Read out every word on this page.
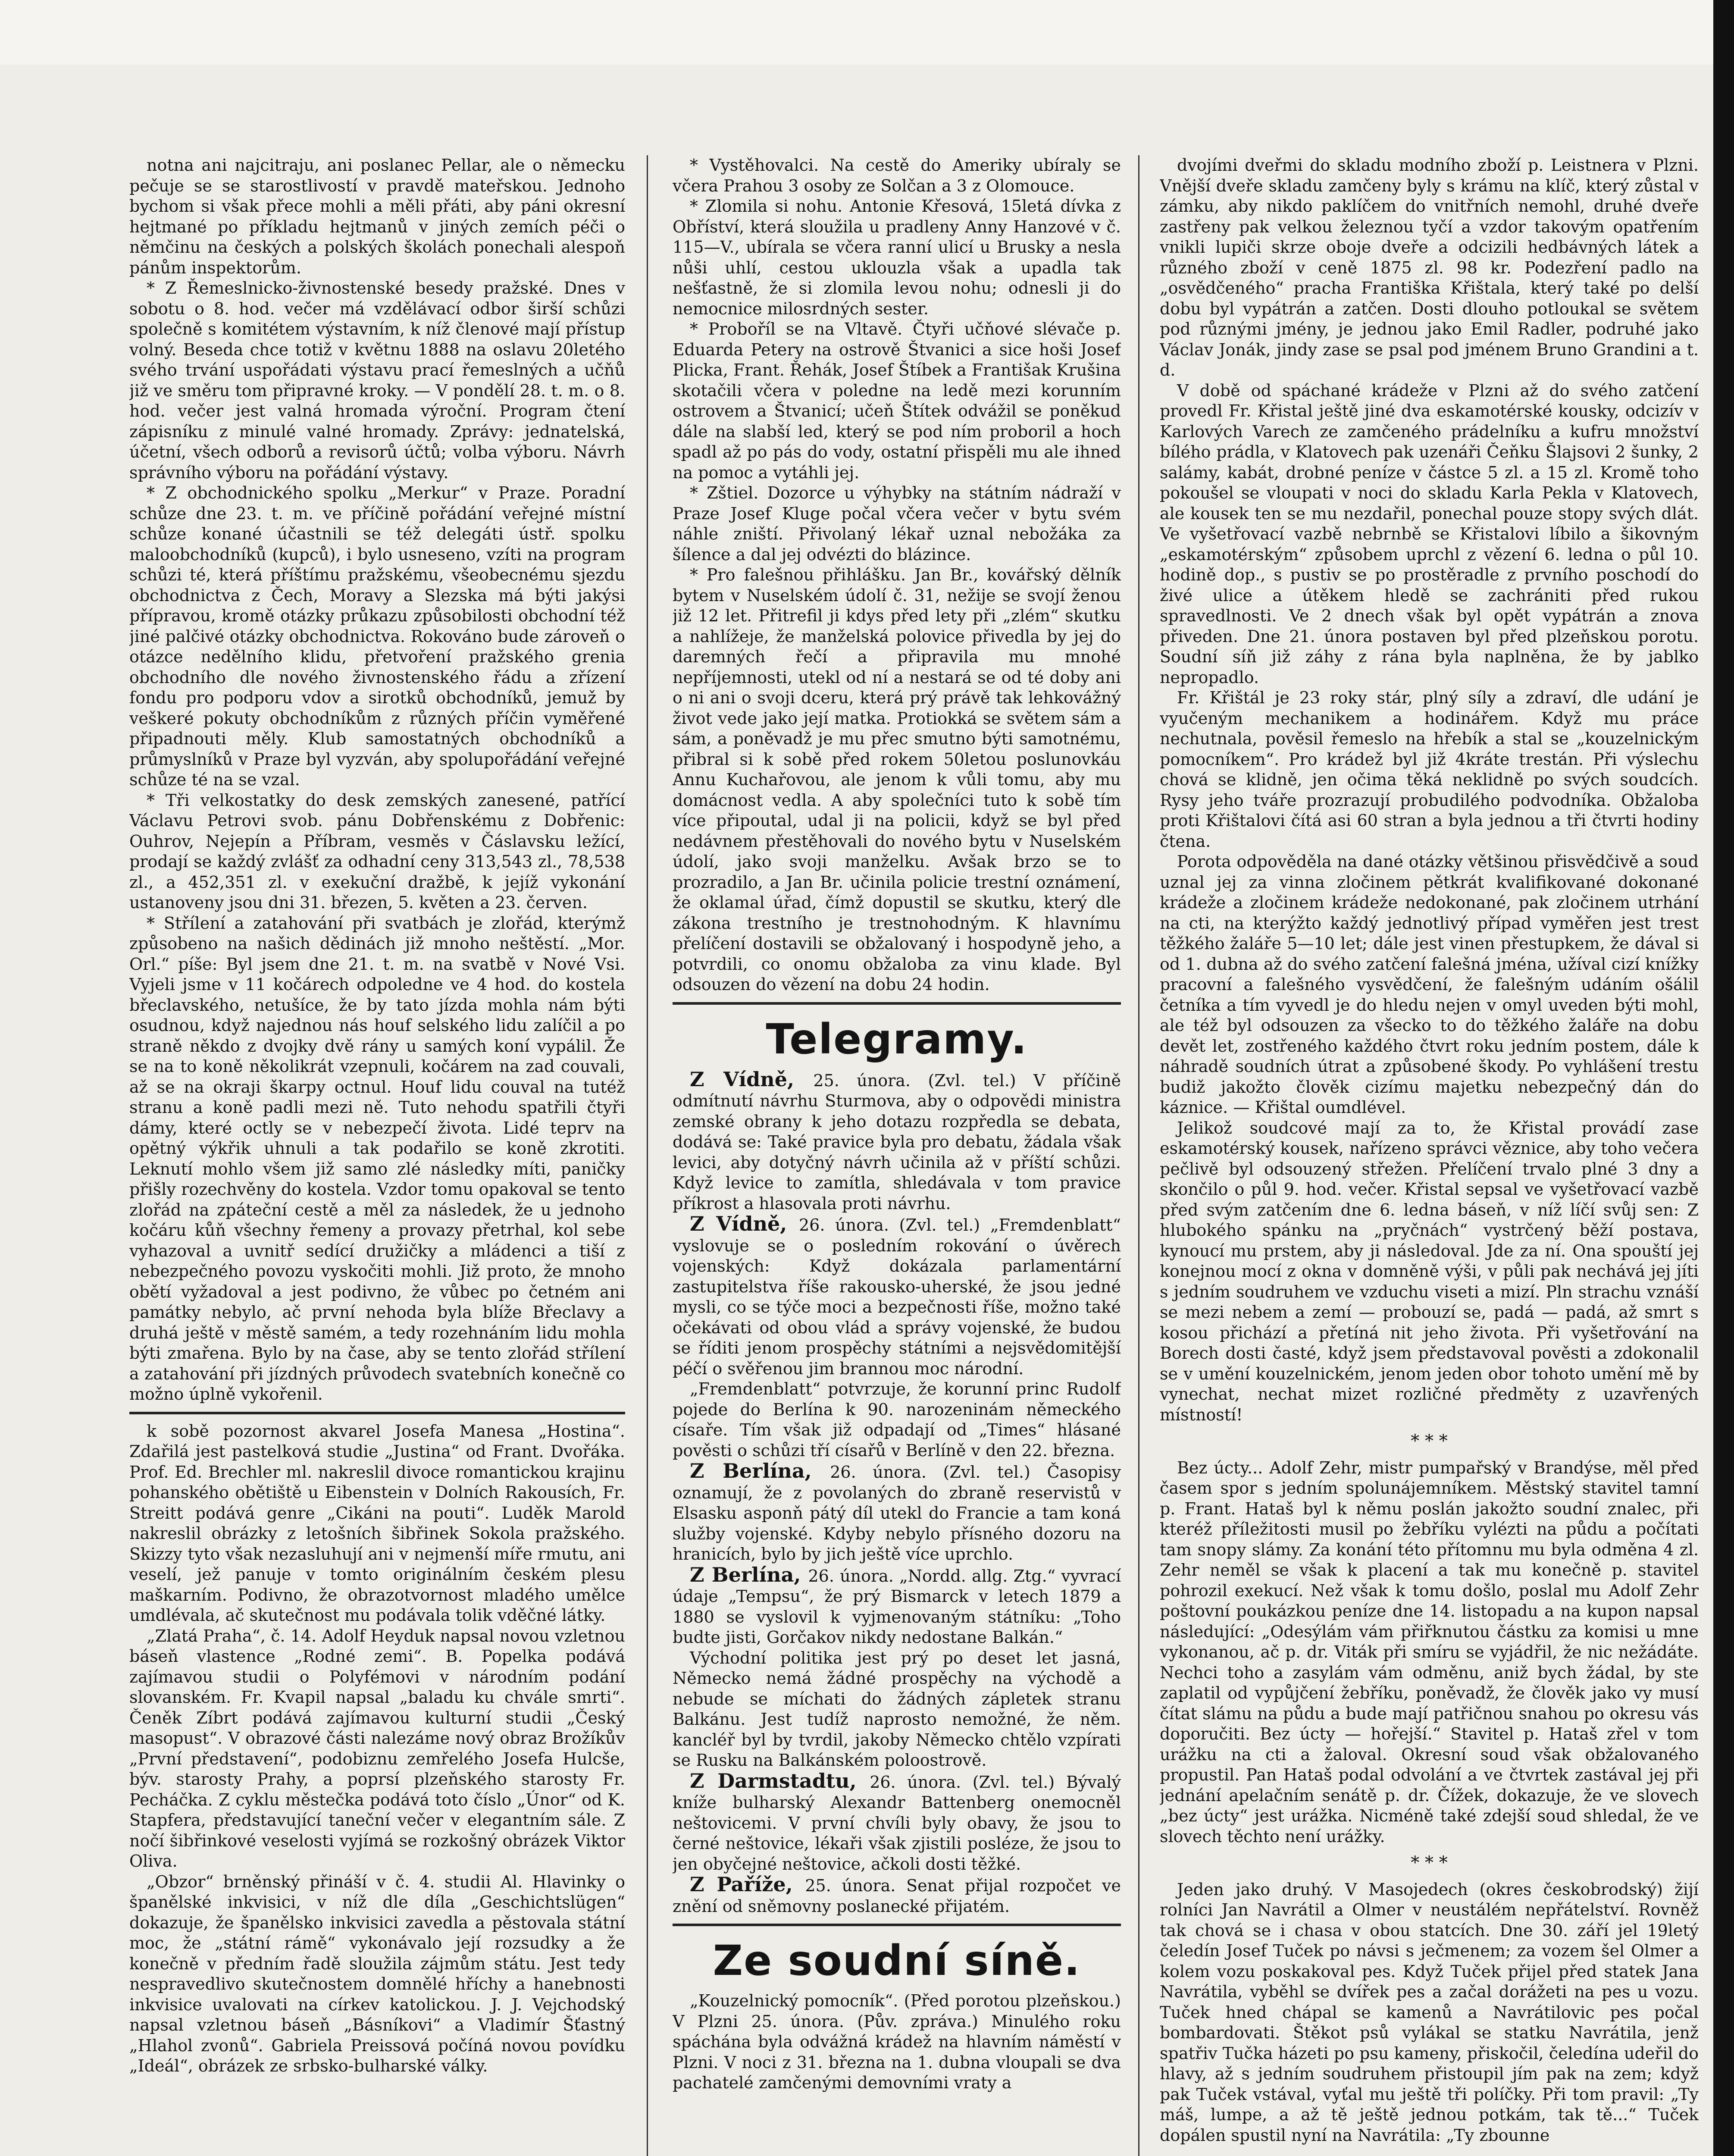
notna ani najcitraju, ani poslanec Pellar, ale o německu pečuje se se starostlivostí v pravdě mateřskou. Jednoho bychom si však přece mohli a měli přáti, aby páni okresní hejtmané po příkladu hejtmanů v jiných zemích péči o němčinu na českých a polských školách ponechali alespoň pánům inspektorům.

* Z Řemeslnicko-živnostenské besedy pražské. Dnes v sobotu o 8. hod. večer má vzdělávací odbor širší schůzi společně s komitétem výstavním, k níž členové mají přístup volný. Beseda chce totiž v květnu 1888 na oslavu 20letého svého trvání uspořádati výstavu prací řemeslných a učňů již ve směru tom připravné kroky. — V pondělí 28. t. m. o 8. hod. večer jest valná hromada výroční. Program čtení zápisníku z minulé valné hromady. Zprávy: jednatelská, účetní, všech odborů a revisorů účtů; volba výboru. Návrh správního výboru na pořádání výstavy.

* Z obchodnického spolku „Merkur“ v Praze. Poradní schůze dne 23. t. m. ve příčině pořádání veřejné místní schůze konané účastnili se též delegáti ústř. spolku maloobchodníků (kupců), i bylo usneseno, vzíti na program schůzi té, která příštímu pražskému, všeobecnému sjezdu obchodnictva z Čech, Moravy a Slezska má býti jakýsi přípravou, kromě otázky průkazu způsobilosti obchodní též jiné palčivé otázky obchodnictva. Rokováno bude zároveň o otázce nedělního klidu, přetvoření pražského grenia obchodního dle nového živnostenského řádu a zřízení fondu pro podporu vdov a sirotků obchodníků, jemuž by veškeré pokuty obchodníkům z různých příčin vyměřené připadnouti měly. Klub samostatných obchodníků a průmyslníků v Praze byl vyzván, aby spolupořádání veřejné schůze té na se vzal.

* Tři velkostatky do desk zemských zanesené, patřící Václavu Petrovi svob. pánu Dobřenskému z Dobřenic: Ouhrov, Nejepín a Příbram, vesměs v Čáslavsku ležící, prodají se každý zvlášť za odhadní ceny 313,543 zl., 78,538 zl., a 452,351 zl. v exekuční dražbě, k jejíž vykonání ustanoveny jsou dni 31. březen, 5. květen a 23. červen.

* Střílení a zatahování při svatbách je zlořád, kterýmž způsobeno na našich dědinách již mnoho neštěstí. „Mor. Orl.“ píše: Byl jsem dne 21. t. m. na svatbě v Nové Vsi. Vyjeli jsme v 11 kočárech odpoledne ve 4 hod. do kostela břeclavského, netušíce, že by tato jízda mohla nám býti osudnou, když najednou nás houf selského lidu zalíčil a po straně někdo z dvojky dvě rány u samých koní vypálil. Že se na to koně několikrát vzepnuli, kočárem na zad couvali, až se na okraji škarpy octnul. Houf lidu couval na tutéž stranu a koně padli mezi ně. Tuto nehodu spatřili čtyři dámy, které octly se v nebezpečí života. Lidé teprv na opětný výkřik uhnuli a tak podařilo se koně zkrotiti. Leknutí mohlo všem již samo zlé následky míti, paničky přišly rozechvěny do kostela. Vzdor tomu opakoval se tento zlořád na zpáteční cestě a měl za následek, že u jednoho kočáru kůň všechny řemeny a provazy přetrhal, kol sebe vyhazoval a uvnitř sedící družičky a mládenci a tiší z nebezpečného povozu vyskočiti mohli. Již proto, že mnoho obětí vyžadoval a jest podivno, že vůbec po četném ani památky nebylo, ač první nehoda byla blíže Břeclavy a druhá ještě v městě samém, a tedy rozehnáním lidu mohla býti zmařena. Bylo by na čase, aby se tento zlořád střílení a zatahování při jízdných průvodech svatebních konečně co možno úplně vykořenil.

k sobě pozornost akvarel Josefa Manesa „Hostina“. Zdařilá jest pastelková studie „Justina“ od Frant. Dvořáka. Prof. Ed. Brechler ml. nakreslil divoce romantickou krajinu pohanského obětiště u Eibenstein v Dolních Rakousích, Fr. Streitt podává genre „Cikáni na pouti“. Luděk Marold nakreslil obrázky z letošních šibřinek Sokola pražského. Skizzy tyto však nezasluhují ani v nejmenší míře rmutu, ani veselí, jež panuje v tomto originálním českém plesu maškarním. Podivno, že obrazotvornost mladého umělce umdlévala, ač skutečnost mu podávala tolik vděčné látky.

„Zlatá Praha“, č. 14. Adolf Heyduk napsal novou vzletnou báseň vlastence „Rodné zemi“. B. Popelka podává zajímavou studii o Polyfémovi v národním podání slovanském. Fr. Kvapil napsal „baladu ku chvále smrti“. Čeněk Zíbrt podává zajímavou kulturní studii „Český masopust“. V obrazové části nalezáme nový obraz Brožíkův „První představení“, podobiznu zemřelého Josefa Hulcše, býv. starosty Prahy, a poprsí plzeňského starosty Fr. Pecháčka. Z cyklu městečka podává toto číslo „Únor“ od K. Stapfera, představující taneční večer v elegantním sále. Z nočí šibřinkové veselosti vyjímá se rozkošný obrázek Viktor Oliva.

„Obzor“ brněnský přináší v č. 4. studii Al. Hlavinky o španělské inkvisici, v níž dle díla „Geschichtslügen“ dokazuje, že španělsko inkvisici zavedla a pěstovala státní moc, že „státní rámě“ vykonávalo její rozsudky a že konečně v předním řadě sloužila zájmům státu. Jest tedy nespravedlivo skutečnostem domnělé hříchy a hanebnosti inkvisice uvalovati na církev katolickou. J. J. Vejchodský napsal vzletnou báseň „Básníkovi“ a Vladimír Šťastný „Hlahol zvonů“. Gabriela Preissová počíná novou povídku „Ideál“, obrázek ze srbsko-bulharské války.

* Vystěhovalci. Na cestě do Ameriky ubíraly se včera Prahou 3 osoby ze Solčan a 3 z Olomouce.

* Zlomila si nohu. Antonie Křesová, 15letá dívka z Obříství, která sloužila u pradleny Anny Hanzové v č. 115—V., ubírala se včera ranní ulicí u Brusky a nesla nůši uhlí, cestou uklouzla však a upadla tak nešťastně, že si zlomila levou nohu; odnesli ji do nemocnice milosrdných sester.

* Proboříl se na Vltavě. Čtyři učňové slévače p. Eduarda Petery na ostrově Štvanici a sice hoši Josef Plicka, Frant. Řehák, Josef Štíbek a Františak Krušina skotačili včera v poledne na ledě mezi korunním ostrovem a Štvanicí; učeň Štítek odvážil se poněkud dále na slabší led, který se pod ním proboril a hoch spadl až po pás do vody, ostatní přispěli mu ale ihned na pomoc a vytáhli jej.

* Zštiel. Dozorce u výhybky na státním nádraží v Praze Josef Kluge počal včera večer v bytu svém náhle zniští. Přivolaný lékař uznal nebožáka za šílence a dal jej odvézti do blázince.

* Pro falešnou přihlášku. Jan Br., kovářský dělník bytem v Nuselském údolí č. 31, nežije se svojí ženou již 12 let. Přitrefil ji kdys před lety při „zlém“ skutku a nahlížeje, že manželská polovice přivedla by jej do daremných řečí a připravila mu mnohé nepříjemnosti, utekl od ní a nestará se od té doby ani o ni ani o svoji dceru, která prý právě tak lehkovážný život vede jako její matka. Protiokká se světem sám a sám, a poněvadž je mu přec smutno býti samotnému, přibral si k sobě před rokem 50letou poslunovkáu Annu Kuchařovou, ale jenom k vůli tomu, aby mu domácnost vedla. A aby společníci tuto k sobě tím více připoutal, udal ji na policii, když se byl před nedávnem přestěhovali do nového bytu v Nuselském údolí, jako svoji manželku. Avšak brzo se to prozradilo, a Jan Br. učinila policie trestní oznámení, že oklamal úřad, čímž dopustil se skutku, který dle zákona trestního je trestnohodným. K hlavnímu přelíčení dostavili se obžalovaný i hospodyně jeho, a potvrdili, co onomu obžaloba za vinu klade. Byl odsouzen do vězení na dobu 24 hodin.

Telegramy.

Z Vídně, 25. února. (Zvl. tel.) V příčině odmítnutí návrhu Sturmova, aby o odpovědi ministra zemské obrany k jeho dotazu rozpředla se debata, dodává se: Také pravice byla pro debatu, žádala však levici, aby dotyčný návrh učinila až v příští schůzi. Když levice to zamítla, shledávala v tom pravice příkrost a hlasovala proti návrhu.

Z Vídně, 26. února. (Zvl. tel.) „Fremdenblatt“ vyslovuje se o posledním rokování o úvěrech vojenských: Když dokázala parlamentární zastupitelstva říše rakousko-uherské, že jsou jedné mysli, co se týče moci a bezpečnosti říše, možno také očekávati od obou vlád a správy vojenské, že budou se říditi jenom prospěchy státními a nejsvědomitější péčí o svěřenou jim brannou moc národní.

„Fremdenblatt“ potvrzuje, že korunní princ Rudolf pojede do Berlína k 90. narozeninám německého císaře. Tím však již odpadají od „Times“ hlásané pověsti o schůzi tří císařů v Berlíně v den 22. března.

Z Berlína, 26. února. (Zvl. tel.) Časopisy oznamují, že z povolaných do zbraně reservistů v Elsasku asponň pátý díl utekl do Francie a tam koná služby vojenské. Kdyby nebylo přísného dozoru na hranicích, bylo by jich ještě více uprchlo.

Z Berlína, 26. února. „Nordd. allg. Ztg.“ vyvrací údaje „Tempsu“, že prý Bismarck v letech 1879 a 1880 se vyslovil k vyjmenovaným státníku: „Toho budte jisti, Gorčakov nikdy nedostane Balkán.“

Východní politika jest prý po deset let jasná, Německo nemá žádné prospěchy na východě a nebude se míchati do žádných zápletek stranu Balkánu. Jest tudíž naprosto nemožné, že něm. kancléř byl by tvrdil, jakoby Německo chtělo vzpírati se Rusku na Balkánském poloostrově.

Z Darmstadtu, 26. února. (Zvl. tel.) Bývalý kníže bulharský Alexandr Battenberg onemocněl neštovicemi. V první chvíli byly obavy, že jsou to černé neštovice, lékaři však zjistili posléze, že jsou to jen obyčejné neštovice, ačkoli dosti těžké.

Z Paříže, 25. února. Senat přijal rozpočet ve znění od sněmovny poslanecké přijatém.

Ze soudní síně.

„Kouzelnický pomocník“. (Před porotou plzeňskou.) V Plzni 25. února. (Pův. zpráva.) Minulého roku spáchána byla odvážná krádež na hlavním náměstí v Plzni. V noci z 31. března na 1. dubna vloupali se dva pachatelé zamčenými demovními vraty a

dvojími dveřmi do skladu modního zboží p. Leistnera v Plzni. Vnější dveře skladu zamčeny byly s krámu na klíč, který zůstal v zámku, aby nikdo paklíčem do vnitřních nemohl, druhé dveře zastřeny pak velkou železnou tyčí a vzdor takovým opatřením vnikli lupiči skrze oboje dveře a odcizili hedbávných látek a různého zboží v ceně 1875 zl. 98 kr. Podezření padlo na „osvědčeného“ pracha Františka Křištala, který také po delší dobu byl vypátrán a zatčen. Dosti dlouho potloukal se světem pod různými jmény, je jednou jako Emil Radler, podruhé jako Václav Jonák, jindy zase se psal pod jménem Bruno Grandini a t. d.

V době od spáchané krádeže v Plzni až do svého zatčení provedl Fr. Křistal ještě jiné dva eskamotérské kousky, odcizív v Karlových Varech ze zamčeného prádelníku a kufru množství bílého prádla, v Klatovech pak uzenáři Čeňku Šlajsovi 2 šunky, 2 salámy, kabát, drobné peníze v částce 5 zl. a 15 zl. Kromě toho pokoušel se vloupati v noci do skladu Karla Pekla v Klatovech, ale kousek ten se mu nezdařil, ponechal pouze stopy svých dlát. Ve vyšetřovací vazbě nebrnbě se Křistalovi líbilo a šikovným „eskamotérským“ způsobem uprchl z vězení 6. ledna o půl 10. hodině dop., s pustiv se po prostěradle z prvního poschodí do živé ulice a útěkem hledě se zachrániti před rukou spravedlnosti. Ve 2 dnech však byl opět vypátrán a znova přiveden. Dne 21. února postaven byl před plzeňskou porotu. Soudní síň již záhy z rána byla naplněna, že by jablko nepropadlo.

Fr. Křištál je 23 roky stár, plný síly a zdraví, dle udání je vyučeným mechanikem a hodinářem. Když mu práce nechutnala, pověsil řemeslo na hřebík a stal se „kouzelnickým pomocníkem“. Pro krádež byl již 4kráte trestán. Při výslechu chová se klidně, jen očima těká neklidně po svých soudcích. Rysy jeho tváře prozrazují probudilého podvodníka. Obžaloba proti Křištalovi čítá asi 60 stran a byla jednou a tři čtvrti hodiny čtena.

Porota odpověděla na dané otázky většinou přisvědčivě a soud uznal jej za vinna zločinem pětkrát kvalifikované dokonané krádeže a zločinem krádeže nedokonané, pak zločinem utrhání na cti, na kterýžto každý jednotlivý případ vyměřen jest trest těžkého žaláře 5—10 let; dále jest vinen přestupkem, že dával si od 1. dubna až do svého zatčení falešná jména, užíval cizí knížky pracovní a falešného vysvědčení, že falešným udáním ošálil četníka a tím vyvedl je do hledu nejen v omyl uveden býti mohl, ale též byl odsouzen za všecko to do těžkého žaláře na dobu devět let, zostřeného každého čtvrt roku jedním postem, dále k náhradě soudních útrat a způsobené škody. Po vyhlášení trestu budiž jakožto člověk cizímu majetku nebezpečný dán do káznice. — Křištal oumdlével.

Jelikož soudcové mají za to, že Křistal provádí zase eskamotérský kousek, nařízeno správci věznice, aby toho večera pečlivě byl odsouzený střežen. Přelíčení trvalo plné 3 dny a skončilo o půl 9. hod. večer. Křistal sepsal ve vyšetřovací vazbě před svým zatčením dne 6. ledna báseň, v níž líčí svůj sen: Z hlubokého spánku na „pryčnách“ vystrčený běží postava, kynoucí mu prstem, aby ji následoval. Jde za ní. Ona spouští jej konejnou mocí z okna v domněně výši, v půli pak nechává jej jíti s jedním soudruhem ve vzduchu viseti a mizí. Pln strachu vznáší se mezi nebem a zemí — probouzí se, padá — padá, až smrt s kosou přichází a přetíná nit jeho života. Při vyšetřování na Borech dosti časté, když jsem představoval pověsti a zdokonalil se v umění kouzelnickém, jenom jeden obor tohoto umění mě by vynechat, nechat mizet rozličné předměty z uzavřených místností!

* * *

Bez úcty... Adolf Zehr, mistr pumpařský v Brandýse, měl před časem spor s jedním spolunájemníkem. Městský stavitel tamní p. Frant. Hataš byl k němu poslán jakožto soudní znalec, při kteréž příležitosti musil po žebříku vylézti na půdu a počítati tam snopy slámy. Za konání této přítomnu mu byla odměna 4 zl. Zehr neměl se však k placení a tak mu konečně p. stavitel pohrozil exekucí. Než však k tomu došlo, poslal mu Adolf Zehr poštovní poukázkou peníze dne 14. listopadu a na kupon napsal následující: „Odesýlám vám přiřknutou částku za komisi u mne vykonanou, ač p. dr. Viták při smíru se vyjádřil, že nic nežádáte. Nechci toho a zasylám vám odměnu, aniž bych žádal, by ste zaplatil od vypůjčení žebříku, poněvadž, že člověk jako vy musí čítat slámu na půdu a bude mají patřičnou snahou po okresu vás doporučiti. Bez úcty — hořejší.“ Stavitel p. Hataš zřel v tom urážku na cti a žaloval. Okresní soud však obžalovaného propustil. Pan Hataš podal odvolání a ve čtvrtek zastával jej při jednání apelačním senátě p. dr. Čížek, dokazuje, že ve slovech „bez úcty“ jest urážka. Nicméně také zdejší soud shledal, že ve slovech těchto není urážky.

* * *

Jeden jako druhý. V Masojedech (okres českobrodský) žijí rolníci Jan Navrátil a Olmer v neustálém nepřátelství. Rovněž tak chová se i chasa v obou statcích. Dne 30. září jel 19letý čeledín Josef Tuček po návsi s ječmenem; za vozem šel Olmer a kolem vozu poskakoval pes. Když Tuček přijel před statek Jana Navrátila, vyběhl se dvířek pes a začal dorážeti na pes u vozu. Tuček hned chápal se kamenů a Navrátilovic pes počal bombardovati. Štěkot psů vylákal se statku Navrátila, jenž spatřiv Tučka házeti po psu kameny, přiskočil, čeledína udeřil do hlavy, až s jedním soudruhem přistoupil jím pak na zem; když pak Tuček vstával, vyťal mu ještě tři políčky. Při tom pravil: „Ty máš, lumpe, a až tě ještě jednou potkám, tak tě...“ Tuček dopálen spustil nyní na Navrátila: „Ty zbounne
